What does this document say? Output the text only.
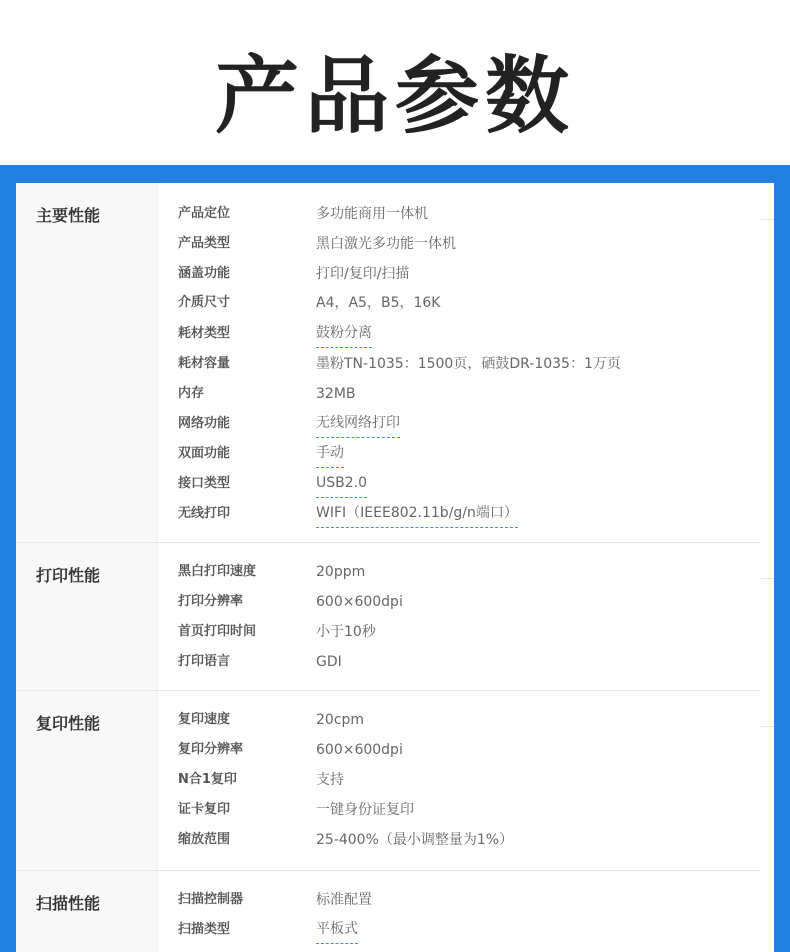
产品参数
主要性能	产品定位	多功能商用一体机
产品类型	黑白激光多功能一体机
涵盖功能	打印/复印/扫描
介质尺寸	A4，A5，B5，16K
耗材类型	鼓粉分离
耗材容量	墨粉TN-1035：1500页，硒鼓DR-1035：1万页
内存	32MB
网络功能	无线网络打印
双面功能	手动
接口类型	USB2.0
无线打印	WIFI（IEEE802.11b/g/n端口）
打印性能	黑白打印速度	20ppm
打印分辨率	600×600dpi
首页打印时间	小于10秒
打印语言	GDI
复印性能	复印速度	20cpm
复印分辨率	600×600dpi
N合1复印	支持
证卡复印	一键身份证复印
缩放范围	25-400%（最小调整量为1%）
扫描性能	扫描控制器	标准配置
扫描类型	平板式
